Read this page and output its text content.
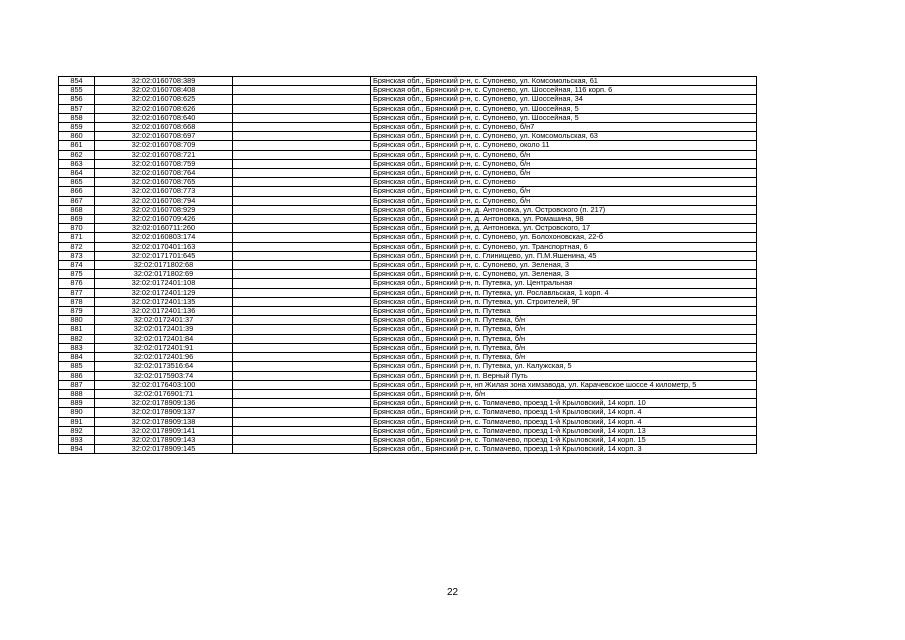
854	32:02:0160708:389		Брянская обл., Брянский р-н, с. Супонево, ул. Комсомольская, 61
855	32:02:0160708:408		Брянская обл., Брянский р-н, с. Супонево, ул. Шоссейная, 116 корп. 6
856	32:02:0160708:625		Брянская обл., Брянский р-н, с. Супонево, ул. Шоссейная, 34
857	32:02:0160708:626		Брянская обл., Брянский р-н, с. Супонево, ул. Шоссейная, 5
858	32:02:0160708:640		Брянская обл., Брянский р-н, с. Супонево, ул. Шоссейная, 5
859	32:02:0160708:668		Брянская обл., Брянский р-н, с. Супонево, б/н7
860	32:02:0160708:697		Брянская обл., Брянский р-н, с. Супонево, ул. Комсомольская, 63
861	32:02:0160708:709		Брянская обл., Брянский р-н, с. Супонево, около 11
862	32:02:0160708:721		Брянская обл., Брянский р-н, с. Супонево, б/н
863	32:02:0160708:759		Брянская обл., Брянский р-н, с. Супонево, б/н
864	32:02:0160708:764		Брянская обл., Брянский р-н, с. Супонево, б/н
865	32:02:0160708:765		Брянская обл., Брянский р-н, с. Супонево
866	32:02:0160708:773		Брянская обл., Брянский р-н, с. Супонево, б/н
867	32:02:0160708:794		Брянская обл., Брянский р-н, с. Супонево, б/н
868	32:02:0160708:929		Брянская обл., Брянский р-н, д. Антоновка, ул. Островского (п. 217)
869	32:02:0160709:426		Брянская обл., Брянский р-н, д. Антоновка, ул. Ромашина, 98
870	32:02:0160711:260		Брянская обл., Брянский р-н, д. Антоновка, ул. Островского, 17
871	32:02:0160803:174		Брянская обл., Брянский р-н, с. Супонево, ул. Болохоновская, 22-б
872	32:02:0170401:163		Брянская обл., Брянский р-н, с. Супонево, ул. Транспортная, 6
873	32:02:0171701:645		Брянская обл., Брянский р-н, с. Глинищево, ул. П.М.Яшенина, 45
874	32:02:0171802:68		Брянская обл., Брянский р-н, с. Супонево, ул. Зеленая, 3
875	32:02:0171802:69		Брянская обл., Брянский р-н, с. Супонево, ул. Зеленая, 3
876	32:02:0172401:108		Брянская обл., Брянский р-н, п. Путевка, ул. Центральная
877	32:02:0172401:129		Брянская обл., Брянский р-н, п. Путевка, ул. Рославльская, 1 корп. 4
878	32:02:0172401:135		Брянская обл., Брянский р-н, п. Путевка, ул. Строителей, 9Г
879	32:02:0172401:136		Брянская обл., Брянский р-н, п. Путевка
880	32:02:0172401:37		Брянская обл., Брянский р-н, п. Путевка, б/н
881	32:02:0172401:39		Брянская обл., Брянский р-н, п. Путевка, б/н
882	32:02:0172401:84		Брянская обл., Брянский р-н, п. Путевка, б/н
883	32:02:0172401:91		Брянская обл., Брянский р-н, п. Путевка, б/н
884	32:02:0172401:96		Брянская обл., Брянский р-н, п. Путевка, б/н
885	32:02:0173516:64		Брянская обл., Брянский р-н, п. Путевка, ул. Калужская, 5
886	32:02:0175903:74		Брянская обл., Брянский р-н, п. Верный Путь
887	32:02:0176403:100		Брянская обл., Брянский р-н, нп Жилая зона химзавода, ул. Карачевское шоссе 4 километр, 5
888	32:02:0176901:71		Брянская обл., Брянский р-н, б/н
889	32:02:0178909:136		Брянская обл., Брянский р-н, с. Толмачево, проезд 1-й Крыловский, 14 корп. 10
890	32:02:0178909:137		Брянская обл., Брянский р-н, с. Толмачево, проезд 1-й Крыловский, 14 корп. 4
891	32:02:0178909:138		Брянская обл., Брянский р-н, с. Толмачево, проезд 1-й Крыловский, 14 корп. 4
892	32:02:0178909:141		Брянская обл., Брянский р-н, с. Толмачево, проезд 1-й Крыловский, 14 корп. 13
893	32:02:0178909:143		Брянская обл., Брянский р-н, с. Толмачево, проезд 1-й Крыловский, 14 корп. 15
894	32:02:0178909:145		Брянская обл., Брянский р-н, с. Толмачево, проезд 1-й Крыловский, 14 корп. 3
22
